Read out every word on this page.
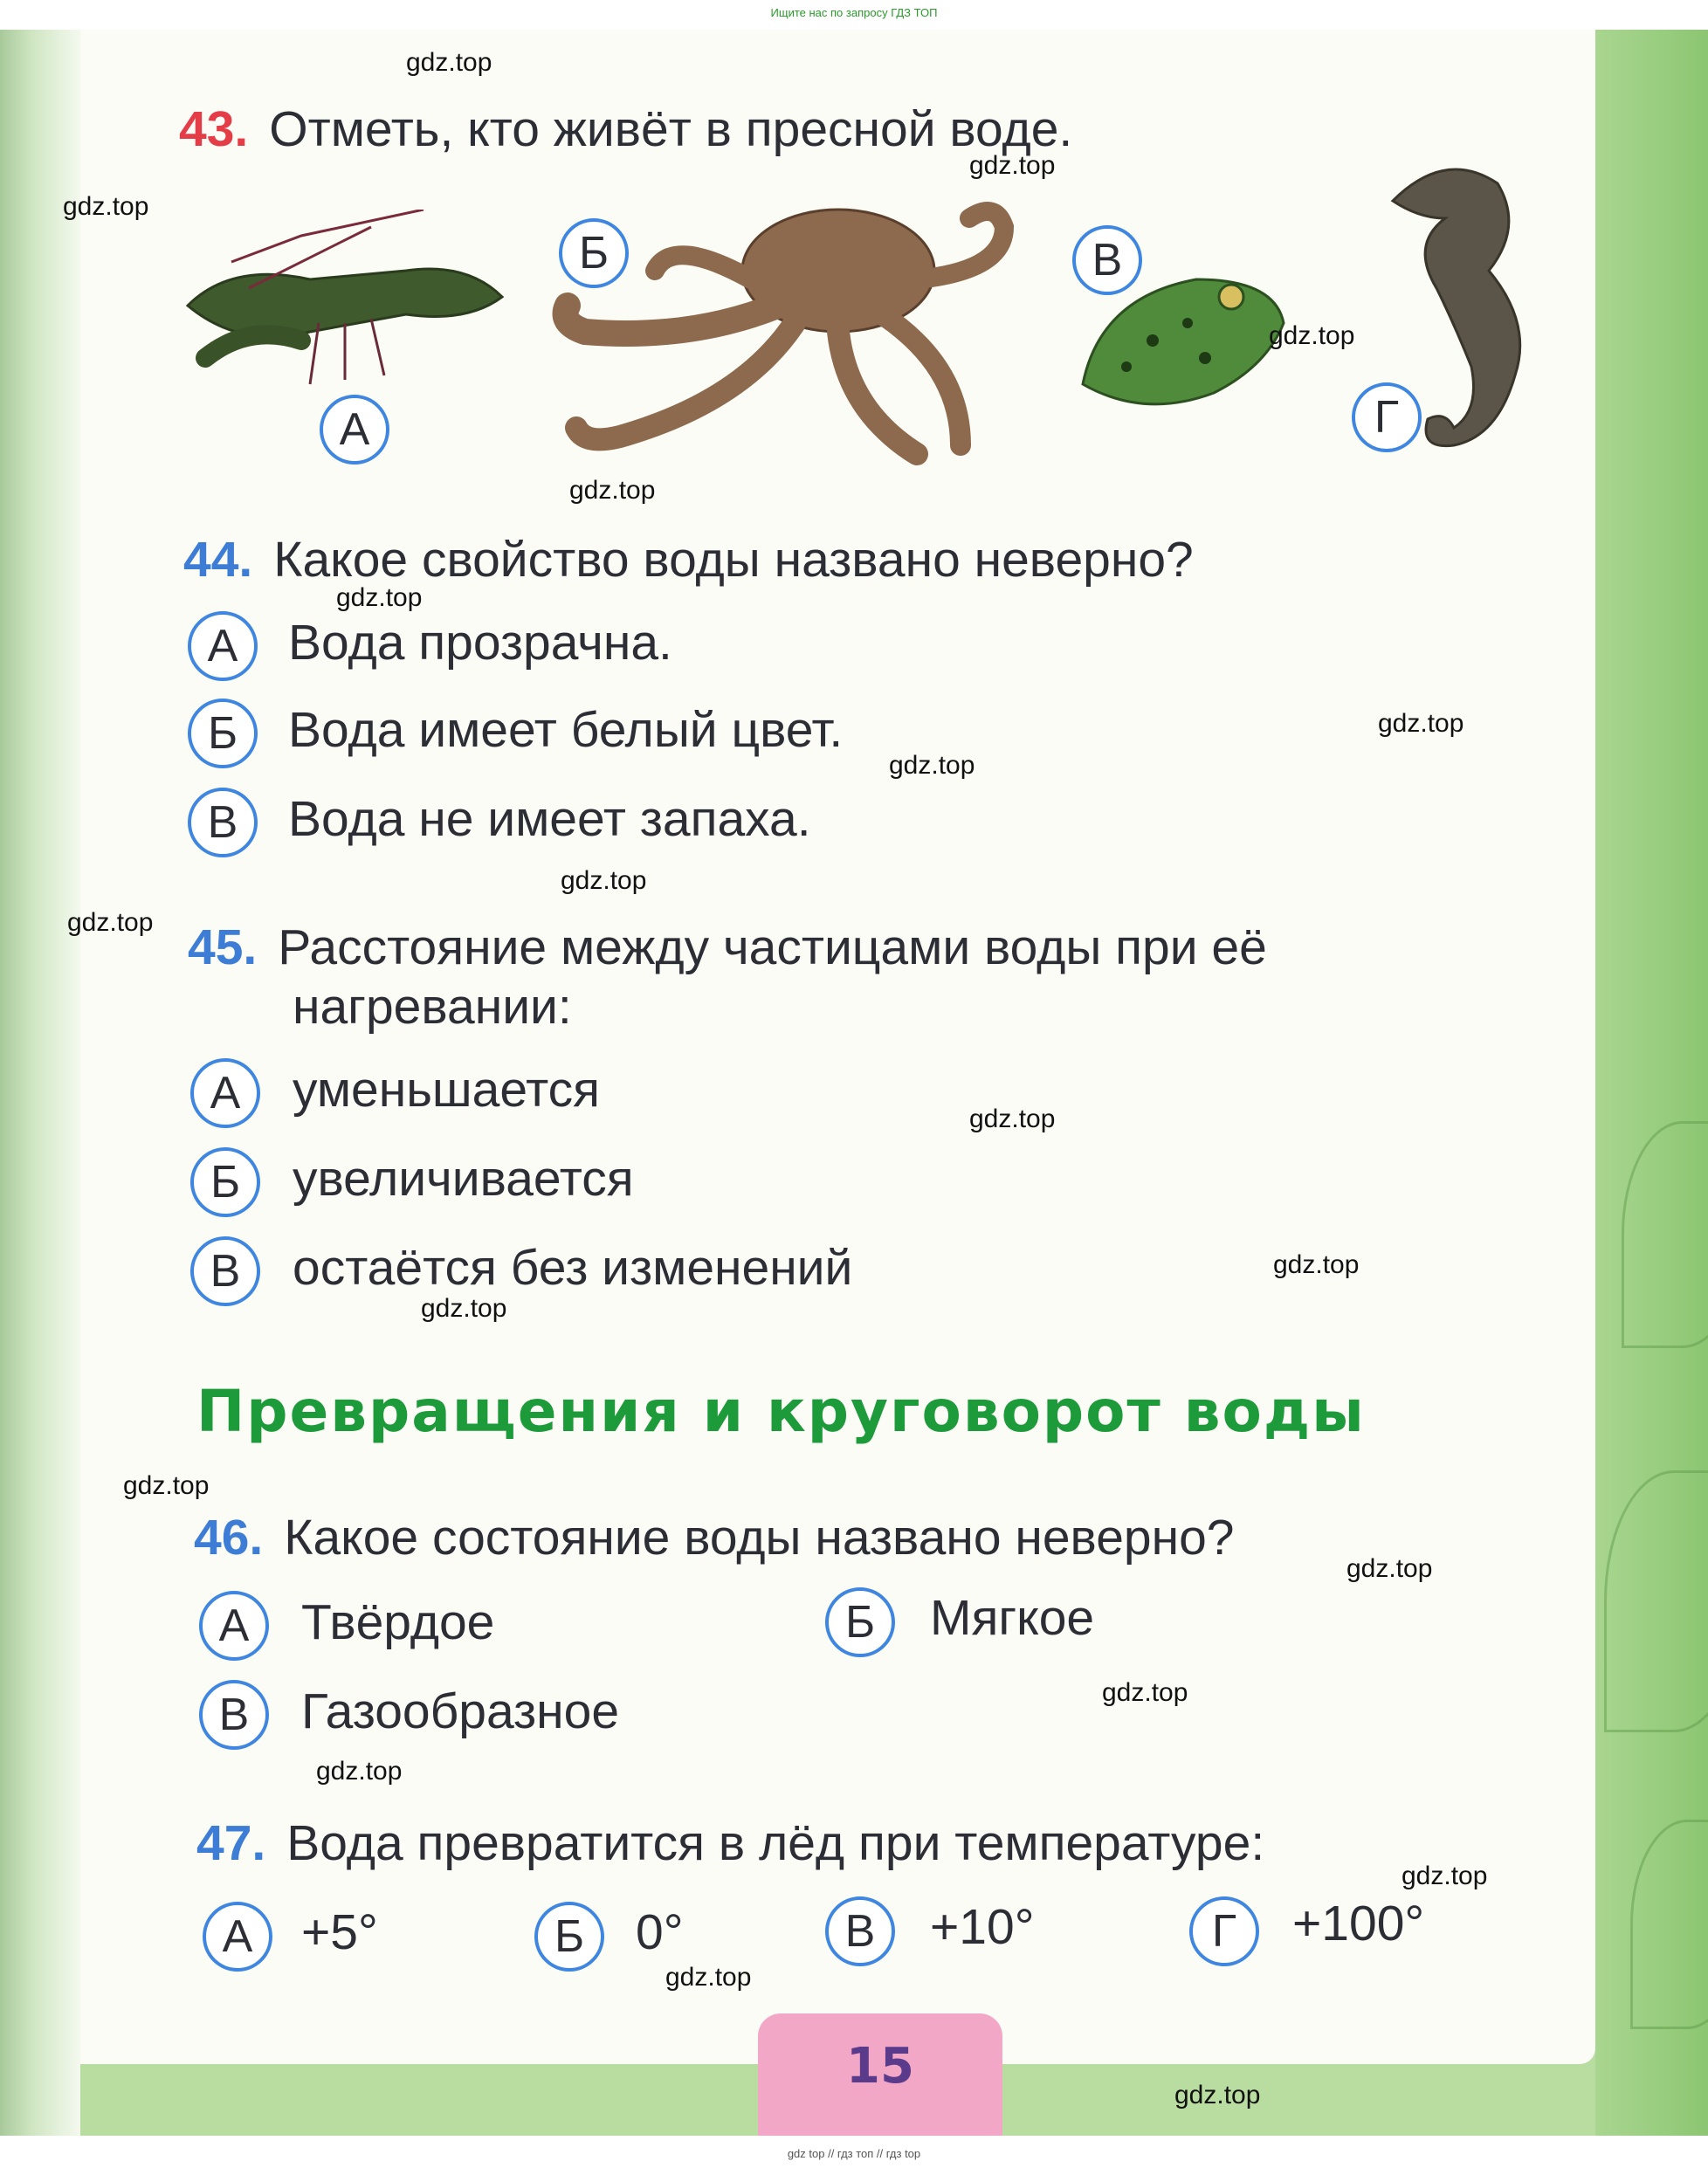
Ищите нас по запросу ГДЗ ТОП
15
43. Отметь, кто живёт в пресной воде.
А
Б	В
Г
44. Какое свойство воды названо неверно?
А	Вода прозрачна.
Б	Вода имеет белый цвет.
В	Вода не имеет запаха.
45. Расстояние между частицами воды при её
нагревании:
А	уменьшается
Б	увеличивается
В	остаётся без изменений
Превращения и круговорот воды
46. Какое состояние воды названо неверно?
А	Твёрдое	Б	Мягкое
В	Газообразное
47. Вода превратится в лёд при температуре:
А +5°	Б	0°	В	+10°	Г	+100°
gdz.top
gdz.top
gdz.top
gdz.top
gdz.top
gdz.top
gdz.top
gdz.top
gdz.top
gdz.top
gdz.top
gdz.top
gdz.top
gdz.top
gdz.top
gdz.top
gdz.top
gdz.top
gdz.top
gdz.top
gdz top // гдз топ // гдз top
